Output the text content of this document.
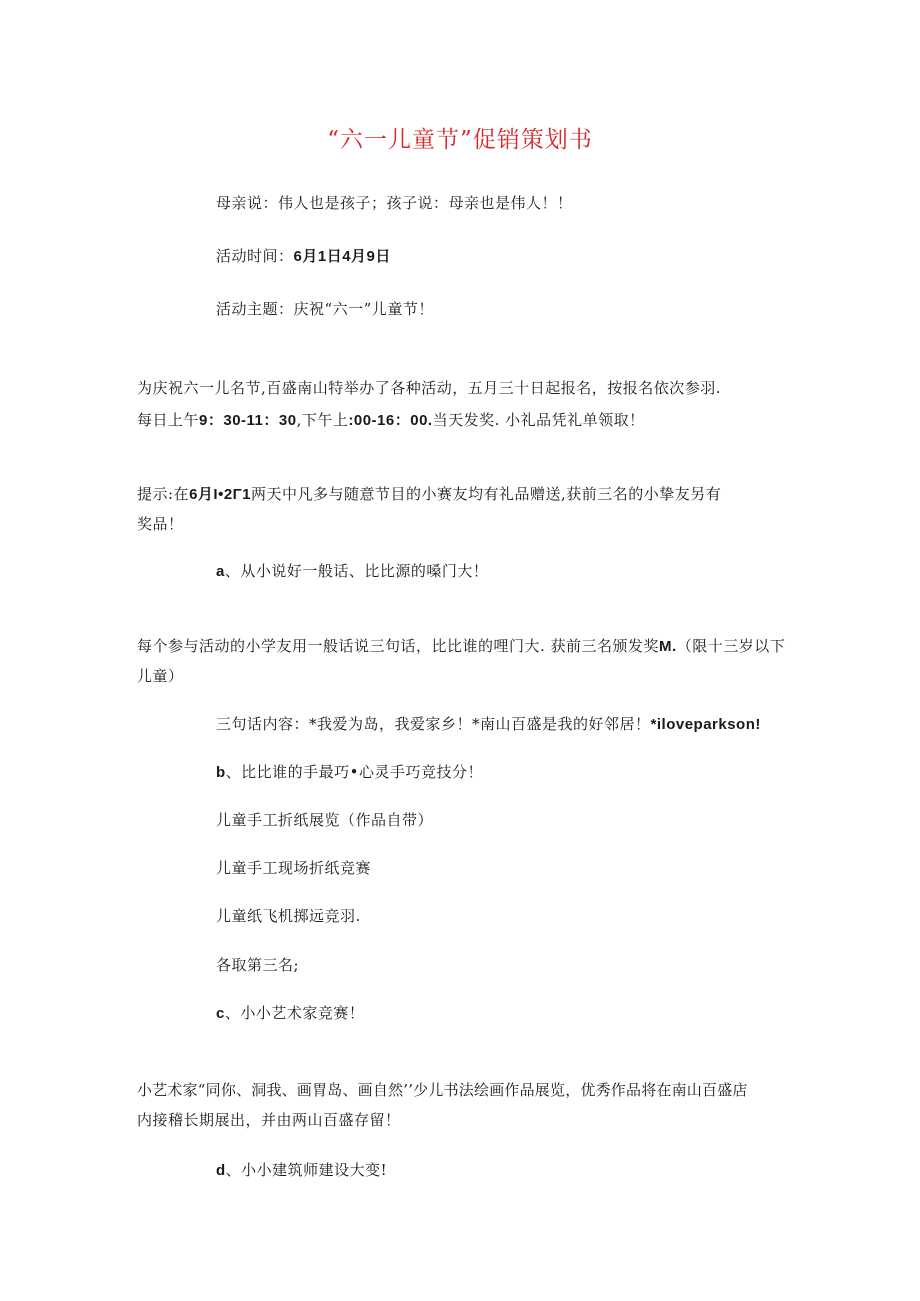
“六一儿童节”促销策划书
母亲说：伟人也是孩子；孩子说：母亲也是伟人！！
活动时间：6月1日4月9日
活动主题：庆祝“六一”儿童节！
为庆祝六一儿名节,百盛南山特举办了各种活动，五月三十日起报名，按报名依次参羽.
每日上午9：30-11：30,下午上:00-16：00.当天发奖. 小礼品凭礼单领取！
提示:在6月I•2Γ1两天中凡多与随意节目的小赛友均有礼品赠送,获前三名的小挚友另有
奖品！
a、从小说好一般话、比比源的嗓门大！
每个参与活动的小学友用一般话说三句话，比比谁的哩门大. 获前三名颁发奖M.（限十三岁以下
儿童）
三句话内容：*我爱为岛，我爱家乡！*南山百盛是我的好邻居！*iloveparkson!
b、比比谁的手最巧•心灵手巧竞技分！
儿童手工折纸展览（作品自带）
儿童手工现场折纸竞赛
儿童纸飞机掷远竞羽.
各取第三名;
c、小小艺术家竞赛！
小艺术家“同你、洞我、画胃岛、画自然’’少儿书法绘画作品展览，优秀作品将在南山百盛店
内接稽长期展出，并由两山百盛存留！
d、小小建筑师建设大变!
